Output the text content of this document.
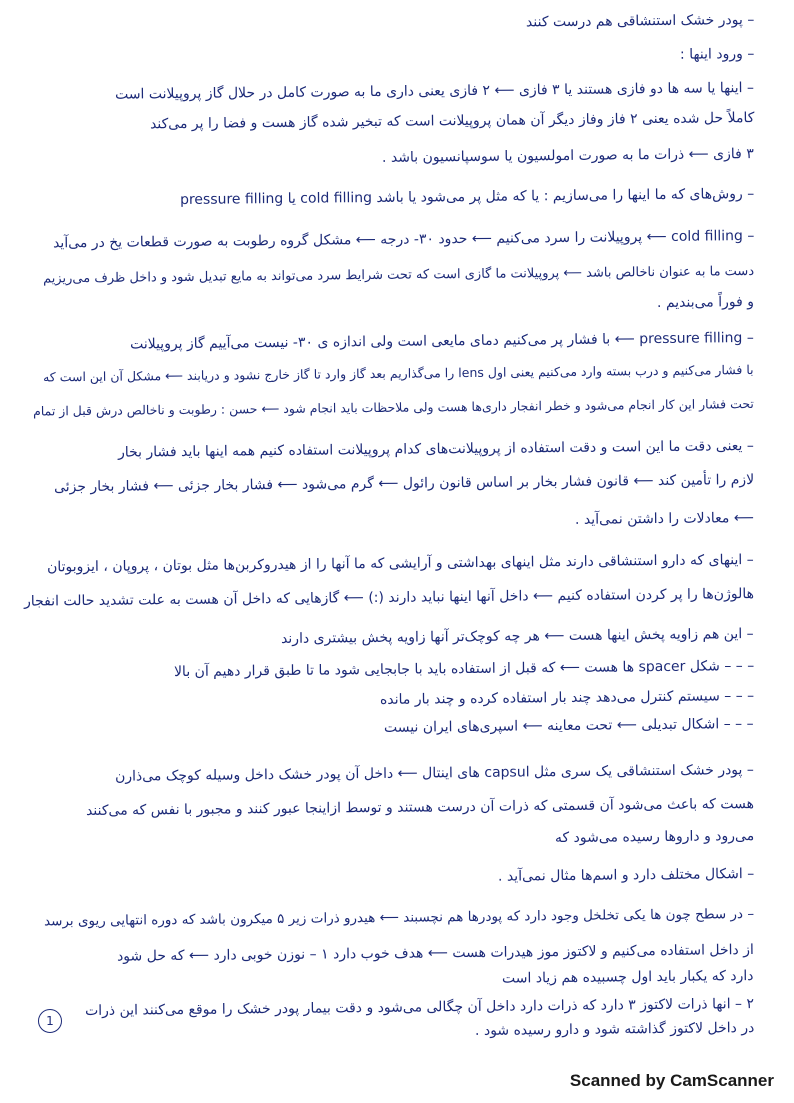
– پودر خشک استنشاقی هم درست کنند
– ورود اینها :
– اینها یا سه ها دو فازی هستند یا ۳ فازی ⟵ ۲ فازی یعنی داری ما به صورت کامل در حلال گاز پروپیلانت است
کاملاً حل شده یعنی ۲ فاز وفاز دیگر آن همان پروپیلانت است که تبخیر شده گاز هست و فضا را پر می‌کند
۳ فازی ⟵ ذرات ما به صورت امولسیون یا سوسپانسیون باشد .
– روش‌های که ما اینها را می‌سازیم : یا که مثل پر می‌شود یا باشد cold filling یا pressure filling
– cold filling ⟵ پروپیلانت را سرد می‌کنیم ⟵ حدود ۳۰- درجه ⟵ مشکل گروه رطوبت به صورت قطعات یخ در می‌آید
دست ما به عنوان ناخالص باشد ⟵ پروپیلانت ما گازی است که تحت شرایط سرد می‌تواند به مایع تبدیل شود و داخل ظرف می‌ریزیم
و فوراً می‌بندیم .
– pressure filling ⟵ با فشار پر می‌کنیم دمای مایعی است ولی اندازه ی ۳۰- نیست می‌آییم گاز پروپیلانت
با فشار می‌کنیم و درب بسته وارد می‌کنیم یعنی اول lens را می‌گذاریم بعد گاز وارد تا گاز خارج نشود و دریابند ⟵ مشکل آن این است که
تحت فشار این کار انجام می‌شود و خطر انفجار داری‌ها هست ولی ملاحظات باید انجام شود ⟵ حسن : رطوبت و ناخالص درش قبل از تمام
– یعنی دقت ما این است و دقت استفاده از پروپیلانت‌های کدام پروپیلانت استفاده کنیم همه اینها باید فشار بخار
لازم را تأمین کند ⟵ قانون فشار بخار بر اساس قانون رائول ⟵ گرم می‌شود ⟵ فشار بخار جزئی ⟵ فشار بخار جزئی
⟵ معادلات را داشتن نمی‌آید .
– اینهای که دارو استنشاقی دارند مثل اینهای بهداشتی و آرایشی که ما آنها را از هیدروکربن‌ها مثل بوتان ، پروپان ، ایزوبوتان
هالوژن‌ها را پر کردن استفاده کنیم ⟵ داخل آنها اینها نباید دارند (:) ⟵ گازهایی که داخل آن هست به علت تشدید حالت انفجار
– این هم زاویه پخش اینها هست ⟵ هر چه کوچک‌تر آنها زاویه پخش بیشتری دارند
– – – شکل spacer ها هست ⟵ که قبل از استفاده باید با جابجایی شود ما تا طبق قرار دهیم آن بالا
– – – سیستم کنترل می‌دهد چند بار استفاده کرده و چند بار مانده
– – – اشکال تبدیلی ⟵ تحت معاینه ⟵ اسپری‌های ایران نیست
– پودر خشک استنشاقی یک سری مثل capsul های اینتال ⟵ داخل آن پودر خشک داخل وسیله کوچک می‌ذارن
هست که باعث می‌شود آن قسمتی که ذرات آن درست هستند و توسط ازاینجا عبور کنند و مجبور با نفس که می‌کنند
می‌رود و داروها رسیده می‌شود که
– اشکال مختلف دارد و اسم‌ها مثال نمی‌آید .
– در سطح چون ها یکی تخلخل وجود دارد که پودرها هم نچسبند ⟵ هیدرو ذرات زیر ۵ میکرون باشد که دوره انتهایی ریوی برسد
از داخل استفاده می‌کنیم و لاکتوز موز هیدرات هست ⟵ هدف خوب دارد ۱ – نوزن خوبی دارد ⟵ که حل شود
دارد که یکبار باید اول چسبیده هم زیاد است
۲ – انها ذرات لاکتوز ۳ دارد که ذرات دارد داخل آن چگالی می‌شود و دقت بیمار پودر خشک را موقع می‌کنند این ذرات
در داخل لاکتوز گذاشته شود و دارو رسیده شود .
1
Scanned by CamScanner
